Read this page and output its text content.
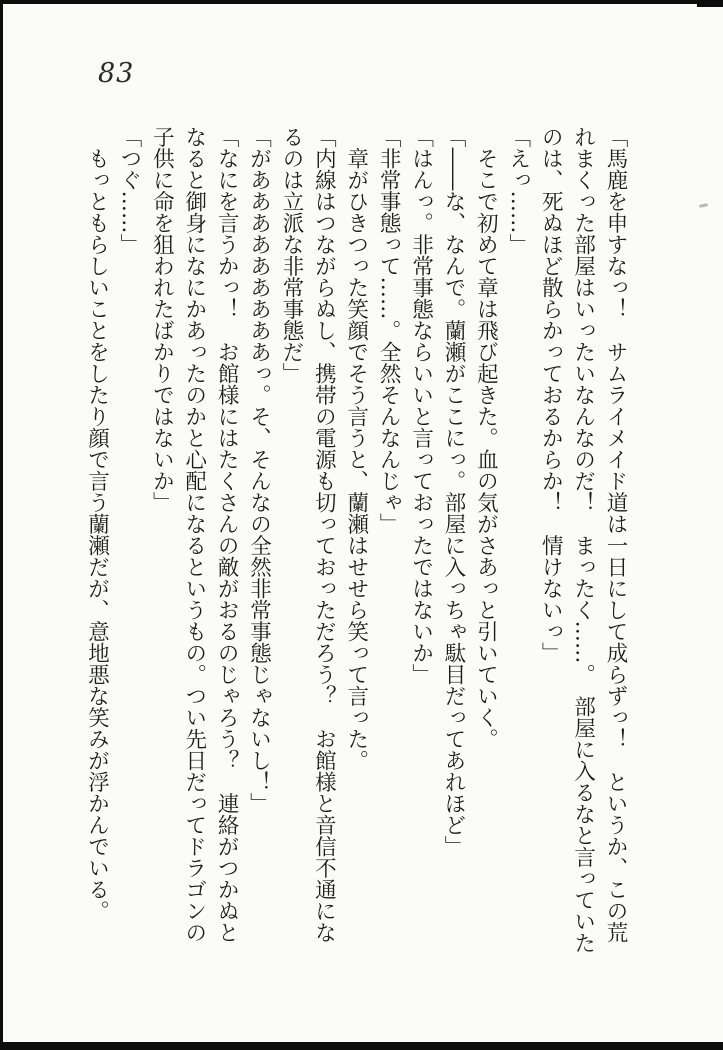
83

「馬鹿を申すなっ！　サムライメイド道は一日にして成らずっ！　というか、この荒

れまくった部屋はいったいなんなのだ！　まったく……。　部屋に入るなと言っていた

のは、死ぬほど散らかっておるからか！　情けないっ」

「えっ……」

　そこで初めて章は飛び起きた。血の気がさあっと引いていく。

「――な、なんで。蘭瀬がここにっ。部屋に入っちゃ駄目だってあれほど」

「はんっ。非常事態ならいいと言っておったではないか」

「非常事態って……。全然そんなんじゃ」

　章がひきつった笑顔でそう言うと、蘭瀬はせせら笑って言った。

「内線はつながらぬし、携帯の電源も切っておっただろう？　お館様と音信不通にな

るのは立派な非常事態だ」

「があああああああああっ。そ、そんなの全然非常事態じゃないし！」

「なにを言うかっ！　お館様にはたくさんの敵がおるのじゃろう？　連絡がつかぬと

なると御身になにかあったのかと心配になるというもの。つい先日だってドラゴンの

子供に命を狙われたばかりではないか」

「つぐ……」

　もっともらしいことをしたり顔で言う蘭瀬だが、意地悪な笑みが浮かんでいる。
